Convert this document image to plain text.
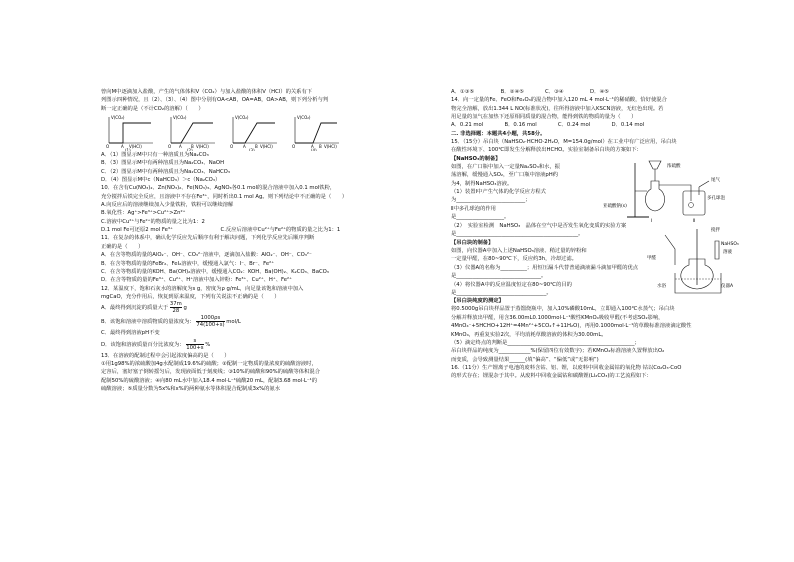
曾向M中逐滴加入盐酸，产生的气体体积V（CO₂）与加入盐酸的体积V（HCl）的关系有下
列图示四种情况，且（2）、（3）、（4）图中分别有OA<AB，OA=AB，OA>AB，则下列分析与判
断一定正确的是（不计CO₂的溶解）（　　）
V(CO₂)
O	A V(HCl)
(1)
V(CO₂)
O A B V(HCl)
(2)
V(CO₂)
O A B V(HCl)
(3)
V(CO₂)
O	A B V(HCl)
(4)
A．（1）图显示M中只有一种溶质且为Na₂CO₃
B．（3）图显示M中有两种溶质且为Na₂CO₃、NaOH
C．（2）图显示M中有两种溶质且为Na₂CO₃、NaHCO₃
D．（4）图显示M中c（NaHCO₃）＞c（Na₂CO₃）
10．在含有Cu(NO₃)₂、Zn(NO₃)₂、Fe(NO₃)₃、AgNO₃各0.1 mol的混合溶液中加入0.1 mol铁粉，
充分搅拌后铁完全反应，且溶液中不存在Fe³⁺，同时析出0.1 mol Ag。则下列结论中不正确的是（　　）
A.向反应后的溶液继续加入少量铁粉，铁粉可以继续溶解
B.氧化性：Ag⁺>Fe³⁺>Cu²⁺>Zn²⁺
C.溶液中Cu²⁺与Fe²⁺的物质的量之比为1：2
D.1 mol Fe可还原2 mol Fe³⁺　　　　　　　　　C.反应后溶液中Cu²⁺与Fe²⁺的物质的量之比为1：1
11．在复杂的体系中，确认化学反应先后顺序有利于解决问题，下列化学反应先后顺序判断
正确的是（　　）
A．在含等物质的量的AlO₂⁻、OH⁻、CO₃²⁻溶液中，逐滴加入盐酸：AlO₂⁻、OH⁻、CO₃²⁻
B．在含等物质的量的FeBr₂、FeI₂溶液中，缓慢通入氯气：I⁻、Br⁻、Fe²⁺
C．在含等物质的量的KOH、Ba(OH)₂溶液中，缓慢通入CO₂：KOH、Ba(OH)₂、K₂CO₃、BaCO₃
D．在含等物质的量的Fe³⁺、Cu²⁺、H⁺溶液中加入锌粉：Fe³⁺、Cu²⁺、H⁺、Fe²⁺
12．某温度下，饱和石灰水的溶解度为s g，密度为ρ g/mL，向足量该饱和溶液中加入
mgCaO，充分作用后，恢复到原来温度，下列有关说法不正确的是（　　）
A．最终得到沉淀的质量大于 $\frac{37m}{28}$ g
B．该饱和溶液中溶质物质的量浓度为： $\frac{1000\rho s}{74(100+s)} mol/L$
C．最终得到溶液pH不变
D．该饱和溶液质量百分比浓度为： $\frac{s}{100+s}$ %
13．在溶液的配制过程中会引起浓度偏高的是（　　）
①用1g98%的浓硫酸加4g水配制成19.6%的硫酸；②配制一定物质的量浓度的硫酸溶液时，
定容后，塞好塞子倒转摇匀后，发现液面低于刻度线；③10%的硫酸和90%的硫酸等体积混合
配制50%的硫酸溶液；④向80 mL水中加入18.4 mol·L⁻¹硫酸20 mL，配制3.68 mol·L⁻¹的
硫酸溶液；⑤质量分数为5x%和x%的两种氨水等体积混合配制成3x%的氨水
A．①③⑤　　　　　B．②④⑤　　　　C．③④　　　　　D．④⑤
14．向一定量的Fe、FeO和Fe₂O₃的混合物中加入120 mL 4 mol·L⁻¹的稀硝酸，恰好使混合
物完全溶解，放出1.344 L NO(标准状况)，往所得溶液中加入KSCN溶液，无红色出现。若
用足量的氢气在加热下还原相同质量的混合物，能得到铁的物质的量为（　　）
A．0.21 mol　　　　B．0.16 mol　　　　C．0.24 mol　　　　D．0.14 mol
二. 非选择题：本题共4小题，共58分。
15．（15分）吊白块（NaHSO₂·HCHO·2H₂O，M=154.0g/mol）在工业中有广泛应用，吊白块
在酸性环境下、100℃即发生分解释放出HCHO。实验室制备吊白块的方案如下：
【NaHSO₃的制备】
如图，在广口瓶中加入一定量Na₂SO₃和水，振
荡溶解，缓慢通入SO₂，至广口瓶中溶液pH约
为4，制得NaHSO₃溶液。
（1）装置Ⅰ中产生气体的化学反应方程式
为__________________________；
Ⅱ中多孔球泡的作用
是__________________。
浓硫酸
尾气
多孔球泡
亚硫酸钠(s)
Ⅰ	Ⅱ
（2）　实验室检测　NaHSO₃　晶体在空气中是否发生氧化变质的实验方案
是______________________________________________。
【吊白块的制备】
如图，向仪器A中加入上述NaHSO₃溶液、稍过量的锌粉和
一定量甲醛，在80~90℃下，反应约3h，冷却过滤。
（3）仪器A的名称为__________；用恒压漏斗代替普通滴液漏斗滴加甲醛的优点
是________________________________。
（4）将仪器A中的反应温度恒定在80~90℃的目的
是__________________________________。
搅拌
NaHSO₃
溶液
甲醛
水浴	仪器A
【吊白块纯度的测定】
将0.5000g吊白块样品置于蒸馏烧瓶中，加入10%磷酸10mL，立即通入100℃水蒸气；吊白块
分解并释放出甲醛，用含36.00mL0.1000mol·L⁻¹酸性KMnO₄吸收甲醛(不考虑SO₂影响，
4MnO₄⁻+5HCHO+12H⁺=4Mn²⁺+5CO₂↑+11H₂O)，再用0.1000mol·L⁻¹的草酸标准溶液滴定酸性
KMnO₄，再重复实验2次，平均消耗草酸溶液的体积为30.00mL。
（5）滴定终点的判断是________________________________________________；
吊白块样品的纯度为____________%(保留四位有效数字)；若KMnO₄标准溶液久置释放出O₂
而变质，会导致测量结果______(填“偏高”、“偏低”或“无影响”)
16.（11分）生产锂离子电池的废料含钴、铝、锂，以废料中回收金属钴的氧化物 钴以Co₂O₃·CoO
的形式存在；锂混杂于其中。从废料中回收金属钴和碳酸锂(Li₂CO₃)的工艺流程如下：
